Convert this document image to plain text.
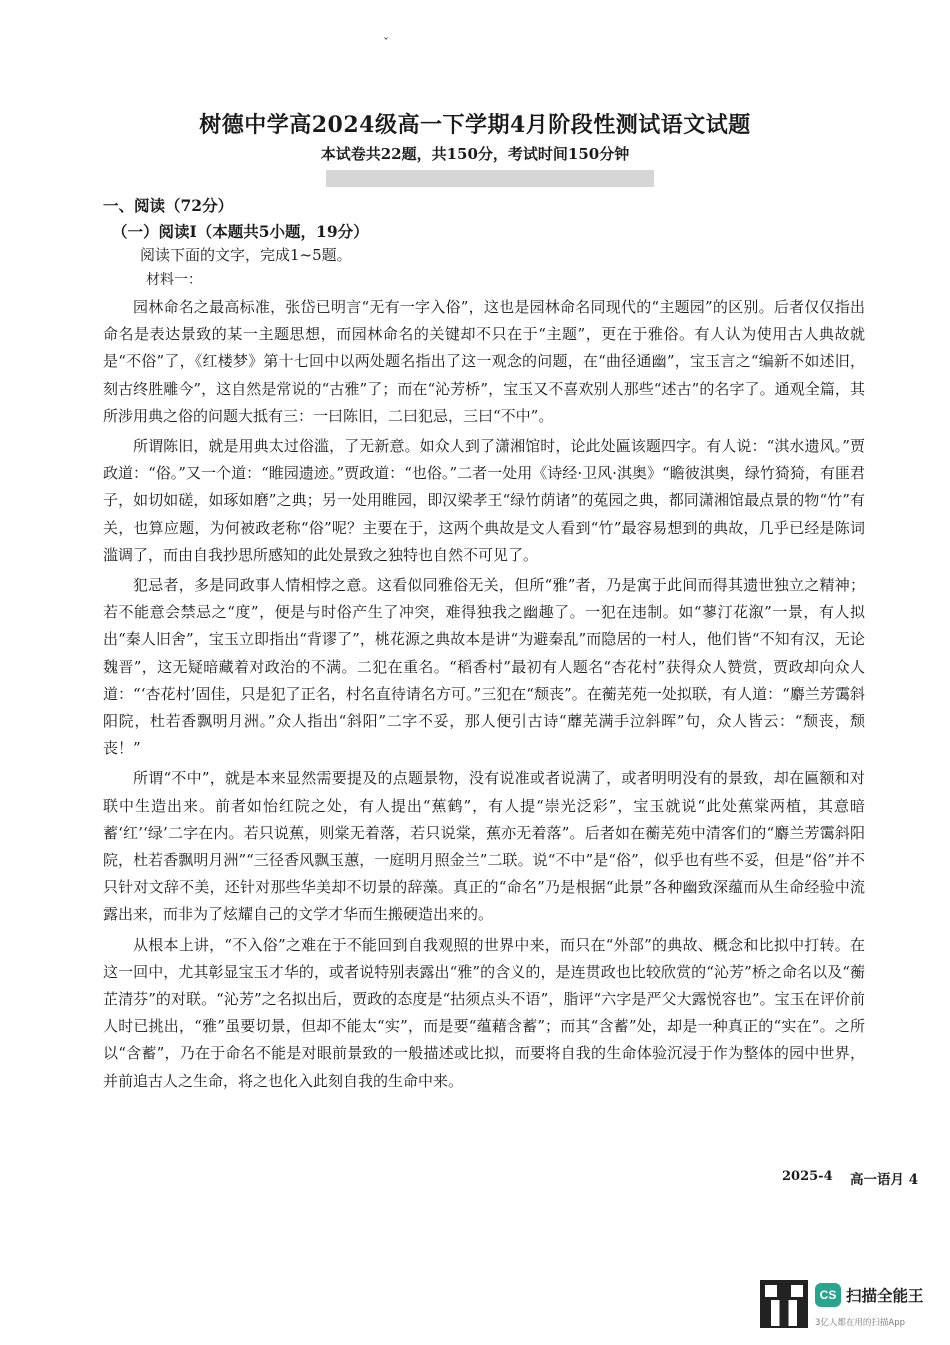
ˇ
树德中学高2024级高一下学期4月阶段性测试语文试题
本试卷共22题，共150分，考试时间150分钟
一、阅读（72分）
（一）阅读Ⅰ（本题共5小题，19分）
阅读下面的文字，完成1~5题。
材料一：

园林命名之最高标准，张岱已明言“无有一字入俗”，这也是园林命名同现代的“主题园”的区别。后者仅仅指出命名是表达景致的某一主题思想，而园林命名的关键却不只在于“主题”，更在于雅俗。有人认为使用古人典故就是“不俗”了，《红楼梦》第十七回中以两处题名指出了这一观念的问题，在“曲径通幽”，宝玉言之“编新不如述旧，刻古终胜雕今”，这自然是常说的“古雅”了；而在“沁芳桥”，宝玉又不喜欢别人那些“述古”的名字了。通观全篇，其所涉用典之俗的问题大抵有三：一曰陈旧，二曰犯忌，三曰“不中”。

所谓陈旧，就是用典太过俗滥，了无新意。如众人到了潇湘馆时，论此处匾该题四字。有人说：“淇水遗风。”贾政道：“俗。”又一个道：“睢园遗迹。”贾政道：“也俗。”二者一处用《诗经·卫风·淇奥》“瞻彼淇奥，绿竹猗猗，有匪君子，如切如磋，如琢如磨”之典；另一处用睢园，即汉梁孝王“绿竹荫诸”的菟园之典，都同潇湘馆最点景的物“竹”有关，也算应题，为何被政老称“俗”呢？主要在于，这两个典故是文人看到“竹”最容易想到的典故，几乎已经是陈词滥调了，而由自我抄思所感知的此处景致之独特也自然不可见了。

犯忌者，多是同政事人情相悖之意。这看似同雅俗无关，但所“雅”者，乃是寓于此间而得其遗世独立之精神；若不能意会禁忌之“度”，便是与时俗产生了冲突，难得独我之幽趣了。一犯在违制。如“蓼汀花溆”一景，有人拟出“秦人旧舍”，宝玉立即指出“背谬了”，桃花源之典故本是讲“为避秦乱”而隐居的一村人，他们皆“不知有汉，无论魏晋”，这无疑暗藏着对政治的不满。二犯在重名。“稻香村”最初有人题名“杏花村”获得众人赞赏，贾政却向众人道：“‘杏花村’固佳，只是犯了正名，村名直待请名方可。”三犯在“颓丧”。在蘅芜苑一处拟联，有人道：“麝兰芳霭斜阳院，杜若香飘明月洲。”众人指出“斜阳”二字不妥，那人便引古诗“蘼芜满手泣斜晖”句，众人皆云：“颓丧，颓丧！”

所谓“不中”，就是本来显然需要提及的点题景物，没有说准或者说满了，或者明明没有的景致，却在匾额和对联中生造出来。前者如怡红院之处，有人提出“蕉鹤”，有人提“崇光泛彩”，宝玉就说“此处蕉棠两植，其意暗蓄‘红’‘绿’二字在内。若只说蕉，则棠无着落，若只说棠，蕉亦无着落”。后者如在蘅芜苑中清客们的“麝兰芳霭斜阳院，杜若香飘明月洲”“三径香风飘玉蕙，一庭明月照金兰”二联。说“不中”是“俗”，似乎也有些不妥，但是“俗”并不只针对文辞不美，还针对那些华美却不切景的辞藻。真正的“命名”乃是根据“此景”各种幽致深蕴而从生命经验中流露出来，而非为了炫耀自己的文学才华而生搬硬造出来的。

从根本上讲，“不入俗”之难在于不能回到自我观照的世界中来，而只在“外部”的典故、概念和比拟中打转。在这一回中，尤其彰显宝玉才华的，或者说特别表露出“雅”的含义的，是连贯政也比较欣赏的“沁芳”桥之命名以及“蘅芷清芬”的对联。“沁芳”之名拟出后，贾政的态度是“拈须点头不语”，脂评“六字是严父大露悦容也”。宝玉在评价前人时已挑出，“雅”虽要切景，但却不能太“实”，而是要“蕴藉含蓄”；而其“含蓄”处，却是一种真正的“实在”。之所以“含蓄”，乃在于命名不能是对眼前景致的一般描述或比拟，而要将自我的生命体验沉浸于作为整体的园中世界，并前追古人之生命，将之也化入此刻自我的生命中来。

2025-4 高一语月 4
CS 扫描全能王
3亿人都在用的扫描App
